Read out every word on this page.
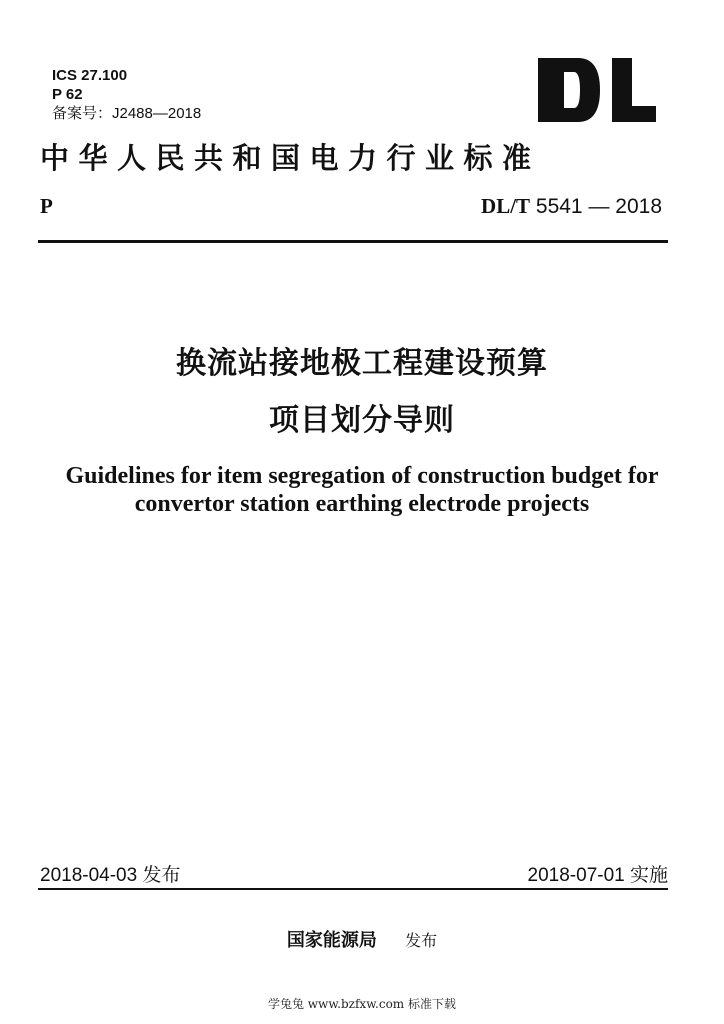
ICS 27.100
P 62
备案号：J2488—2018
中华人民共和国电力行业标准
P	DL/T 5541 — 2018
换流站接地极工程建设预算
项目划分导则
Guidelines for item segregation of construction budget for
convertor station earthing electrode projects
2018-04-03 发布	2018-07-01 实施
国家能源局 发布
学兔兔 www.bzfxw.com 标准下载
